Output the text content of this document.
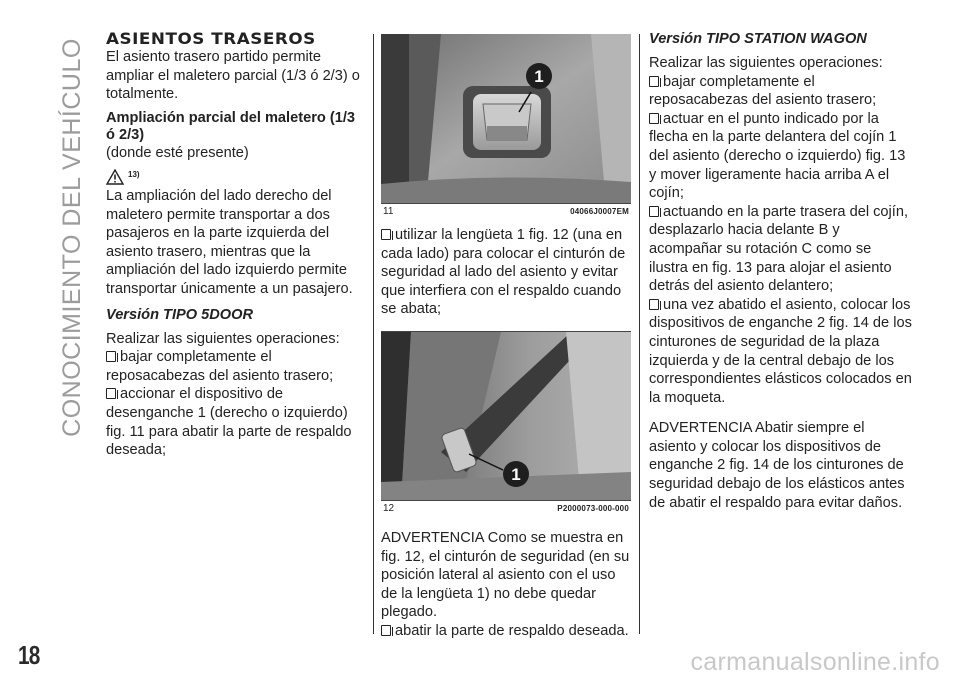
CONOCIMIENTO DEL VEHÍCULO ASIENTOS TRASEROS

El asiento trasero partido permite ampliar el maletero parcial (1/3 ó 2/3) o totalmente.

Ampliación parcial del maletero (1/3 ó 2/3)

(donde esté presente)

13)

La ampliación del lado derecho del maletero permite transportar a dos pasajeros en la parte izquierda del asiento trasero, mientras que la ampliación del lado izquierdo permite transportar únicamente a un pasajero.

Versión TIPO 5DOOR

Realizar las siguientes operaciones:

bajar completamente el reposacabezas del asiento trasero;

accionar el dispositivo de desenganche 1 (derecho o izquierdo) fig. 11 para abatir la parte de respaldo deseada;

1
11	04066J0007EM

utilizar la lengüeta 1 fig. 12 (una en cada lado) para colocar el cinturón de seguridad al lado del asiento y evitar que interfiera con el respaldo cuando se abata;

1
12	P2000073-000-000

ADVERTENCIA Como se muestra en fig. 12, el cinturón de seguridad (en su posición lateral al asiento con el uso de la lengüeta 1) no debe quedar plegado.

abatir la parte de respaldo deseada.

Versión TIPO STATION WAGON

Realizar las siguientes operaciones:

bajar completamente el reposacabezas del asiento trasero;

actuar en el punto indicado por la flecha en la parte delantera del cojín 1 del asiento (derecho o izquierdo) fig. 13 y mover ligeramente hacia arriba A el cojín;

actuando en la parte trasera del cojín, desplazarlo hacia delante B y acompañar su rotación C como se ilustra en fig. 13 para alojar el asiento detrás del asiento delantero;

una vez abatido el asiento, colocar los dispositivos de enganche 2 fig. 14 de los cinturones de seguridad de la plaza izquierda y de la central debajo de los correspondientes elásticos colocados en la moqueta.

ADVERTENCIA Abatir siempre el asiento y colocar los dispositivos de enganche 2 fig. 14 de los cinturones de seguridad debajo de los elásticos antes de abatir el respaldo para evitar daños.

18	carmanualsonline.info
